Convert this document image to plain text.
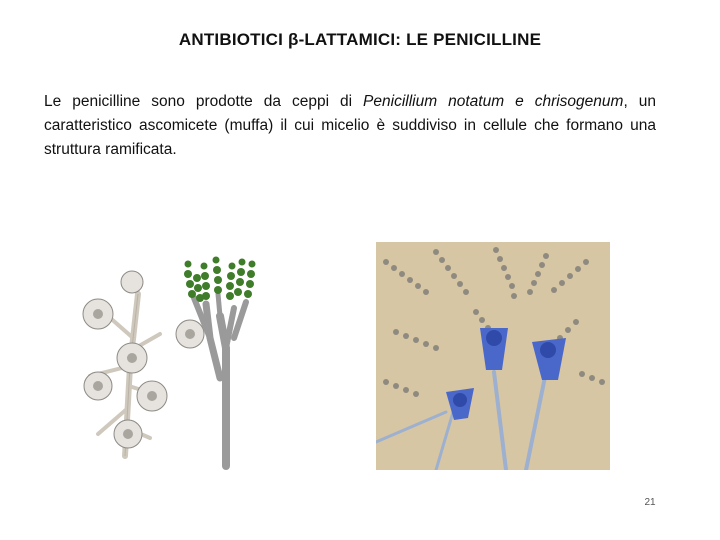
ANTIBIOTICI β-LATTAMICI: LE PENICILLINE
Le penicilline sono prodotte da ceppi di Penicillium notatum e chrisogenum, un caratteristico ascomicete (muffa) il cui micelio è suddiviso in cellule che formano una struttura ramificata.
21
